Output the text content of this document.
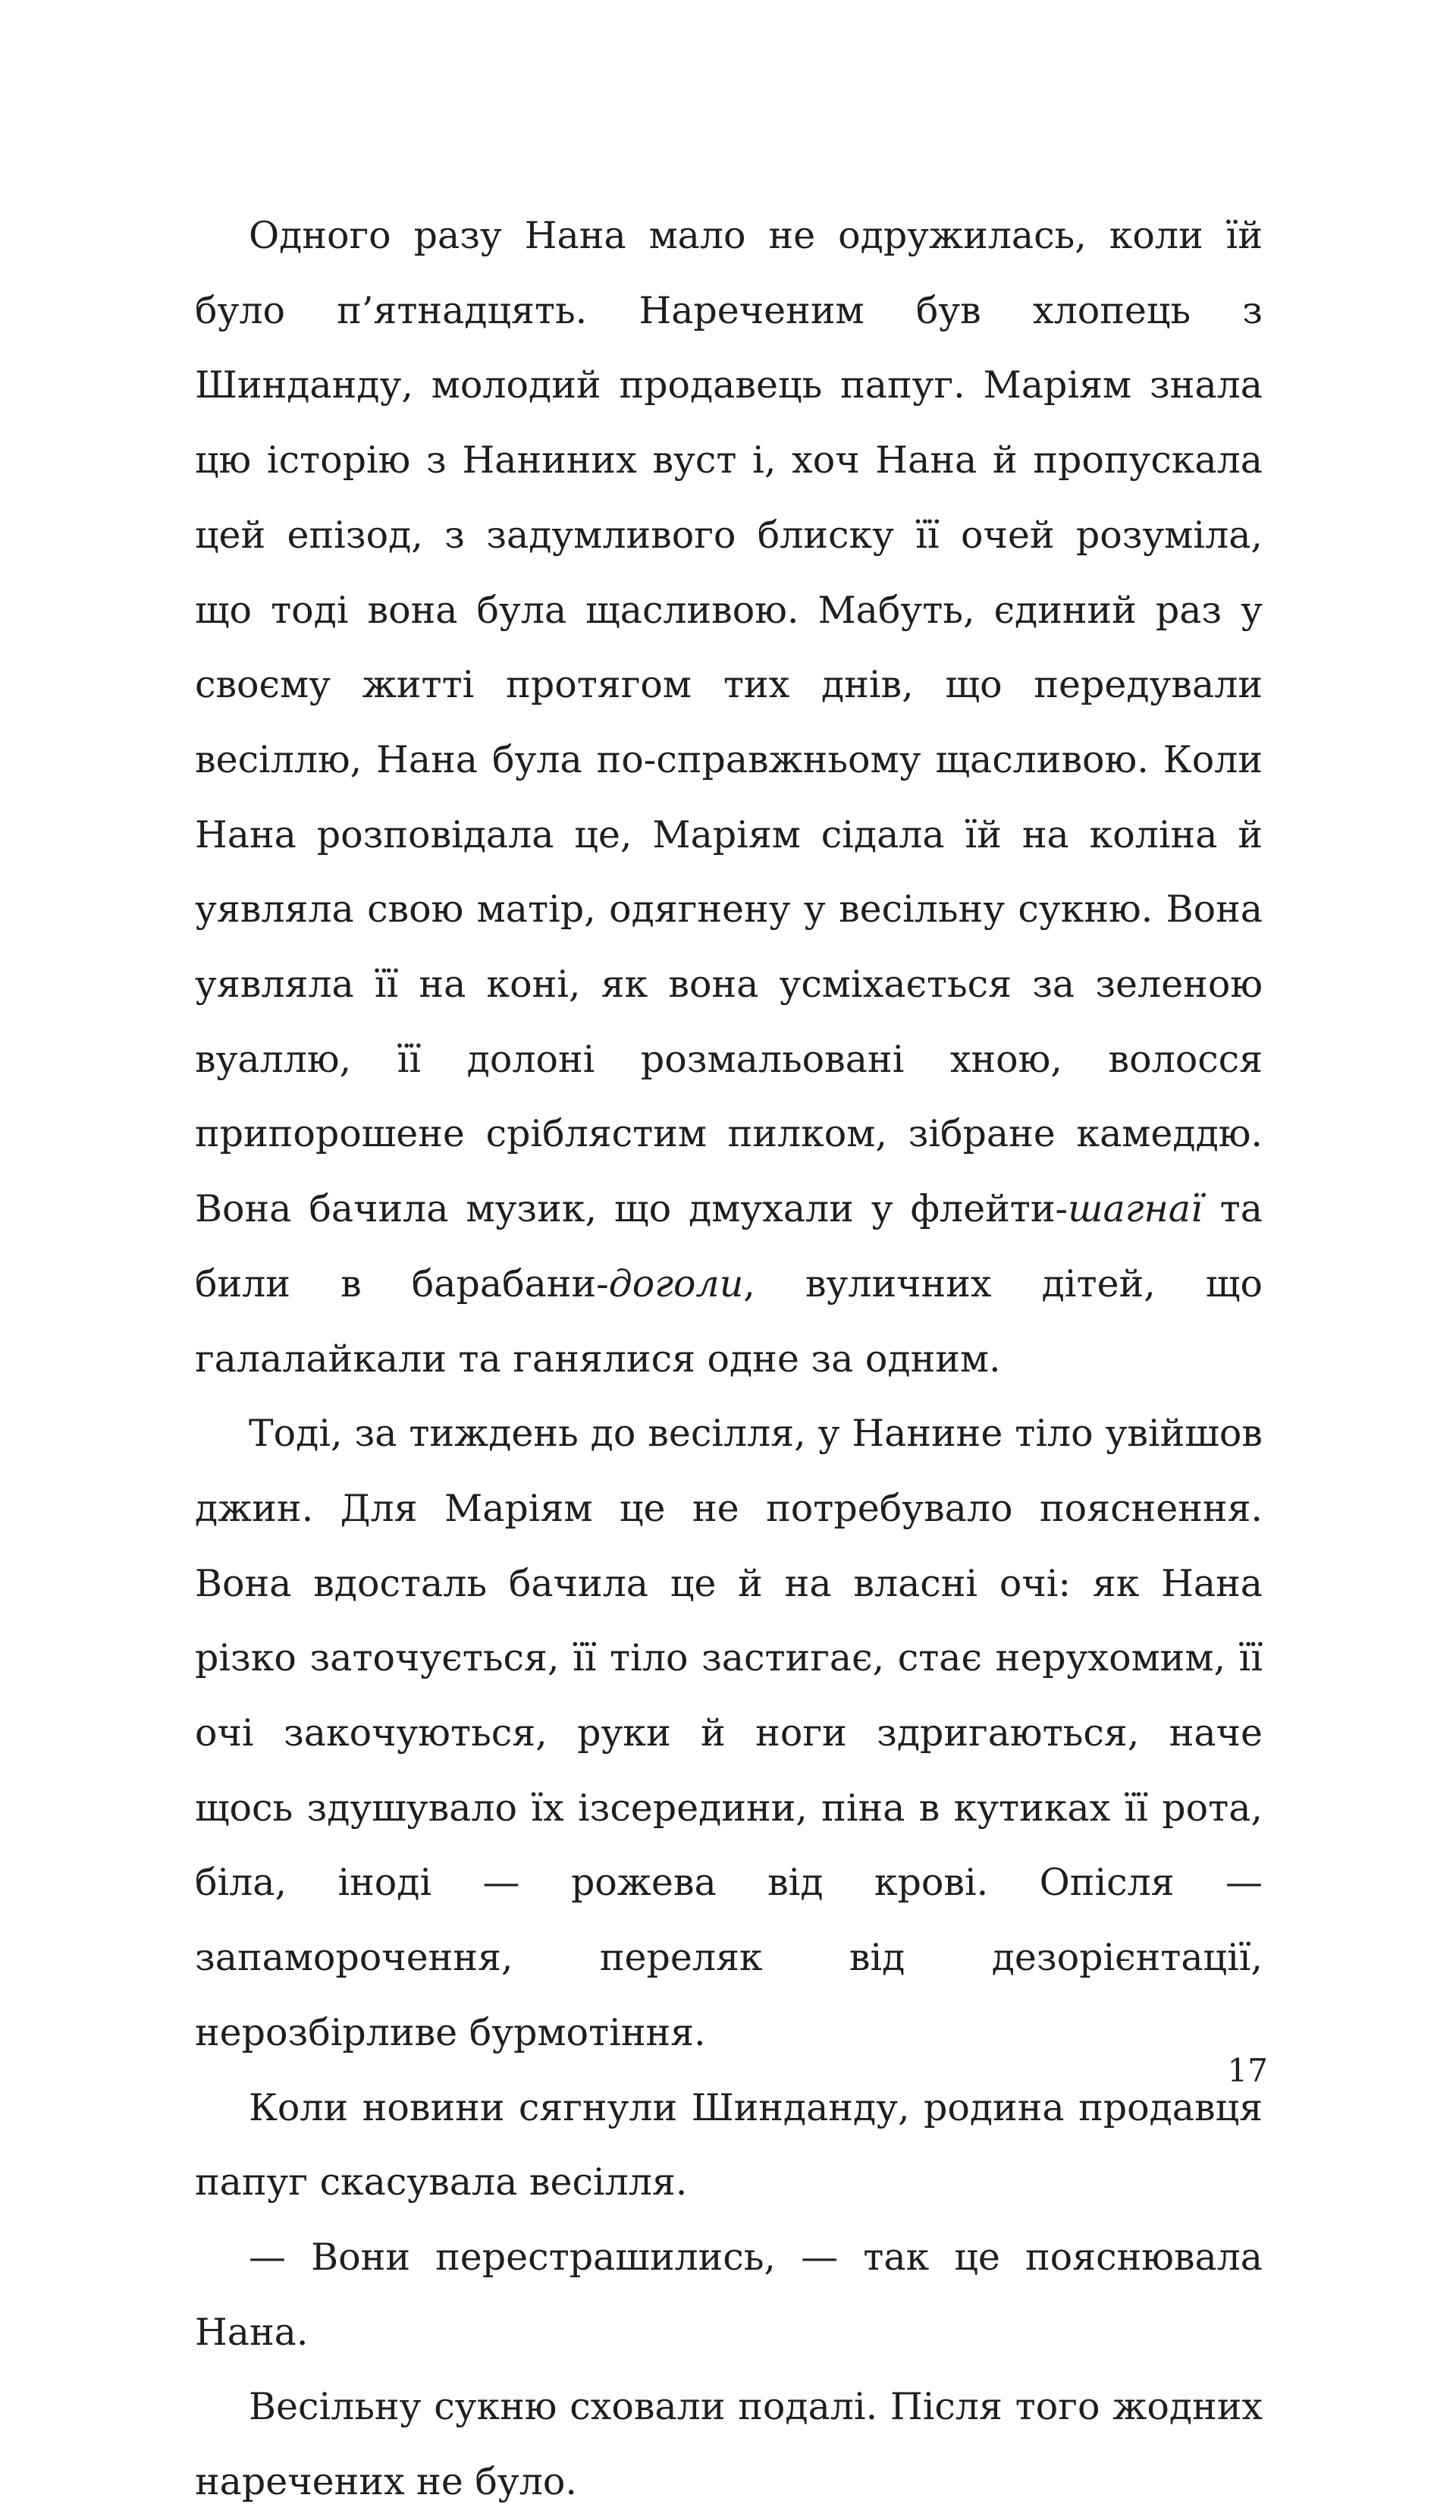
Одного разу Нана мало не одружилась, коли їй було п’ятнадцять. Нареченим був хлопець з Шинданду, молодий продавець папуг. Маріям знала цю історію з Наниних вуст і, хоч Нана й пропускала цей епізод, з задумливого блиску її очей розуміла, що тоді вона була щасливою. Мабуть, єдиний раз у своєму житті протягом тих днів, що передували весіллю, Нана була по-справжньому щасливою. Коли Нана розповідала це, Маріям сідала їй на коліна й уявляла свою матір, одягнену у весільну сукню. Вона уявляла її на коні, як вона усміхається за зеленою вуаллю, її долоні розмальовані хною, волосся припорошене сріблястим пилком, зібране камеддю. Вона бачила музик, що дмухали у флейти-шагнаї та били в барабани-доголи, вуличних дітей, що галалайкали та ганялися одне за одним.

Тоді, за тиждень до весілля, у Нанине тіло увійшов джин. Для Маріям це не потребувало пояснення. Вона вдосталь бачила це й на власні очі: як Нана різко заточується, її тіло застигає, стає нерухомим, її очі закочуються, руки й ноги здригаються, наче щось здушувало їх ізсередини, піна в кутиках її рота, біла, іноді — рожева від крові. Опісля — запаморочення, переляк від дезорієнтації, нерозбірливе бурмотіння.

Коли новини сягнули Шинданду, родина продавця папуг скасувала весілля.

— Вони перестрашились, — так це пояснювала Нана.

Весільну сукню сховали подалі. Після того жодних наречених не було.

17
